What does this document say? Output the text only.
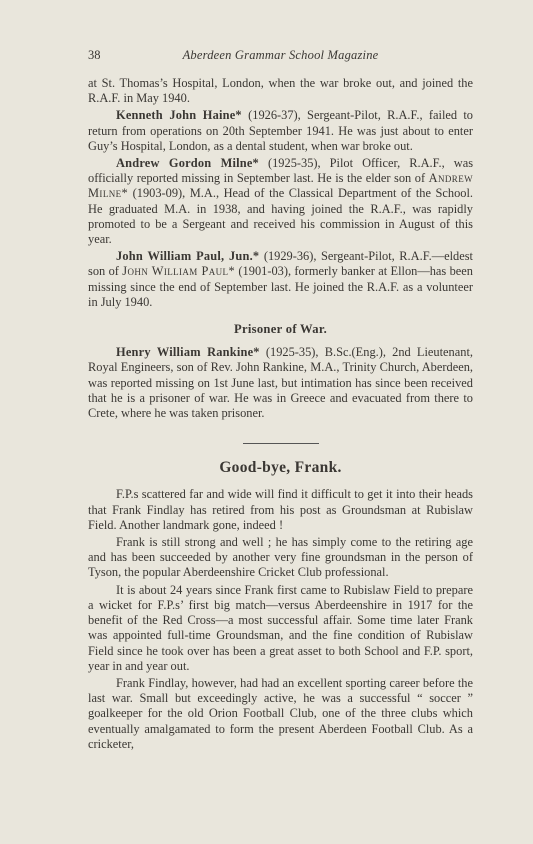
38	Aberdeen Grammar School Magazine

at St. Thomas’s Hospital, London, when the war broke out, and joined the R.A.F. in May 1940.

Kenneth John Haine* (1926-37), Sergeant-Pilot, R.A.F., failed to return from operations on 20th September 1941. He was just about to enter Guy’s Hospital, London, as a dental student, when war broke out.

Andrew Gordon Milne* (1925-35), Pilot Officer, R.A.F., was officially reported missing in September last. He is the elder son of Andrew Milne* (1903-09), M.A., Head of the Classical Department of the School. He graduated M.A. in 1938, and having joined the R.A.F., was rapidly promoted to be a Sergeant and received his commission in August of this year.

John William Paul, Jun.* (1929-36), Sergeant-Pilot, R.A.F.—eldest son of John William Paul* (1901-03), formerly banker at Ellon—has been missing since the end of September last. He joined the R.A.F. as a volunteer in July 1940.

Prisoner of War.

Henry William Rankine* (1925-35), B.Sc.(Eng.), 2nd Lieutenant, Royal Engineers, son of Rev. John Rankine, M.A., Trinity Church, Aberdeen, was reported missing on 1st June last, but intimation has since been received that he is a prisoner of war. He was in Greece and evacuated from there to Crete, where he was taken prisoner.

Good-bye, Frank.

F.P.s scattered far and wide will find it difficult to get it into their heads that Frank Findlay has retired from his post as Groundsman at Rubislaw Field. Another landmark gone, indeed !

Frank is still strong and well ; he has simply come to the retiring age and has been succeeded by another very fine groundsman in the person of Tyson, the popular Aberdeenshire Cricket Club professional.

It is about 24 years since Frank first came to Rubislaw Field to prepare a wicket for F.P.s’ first big match—versus Aberdeenshire in 1917 for the benefit of the Red Cross—a most successful affair. Some time later Frank was appointed full-time Groundsman, and the fine condition of Rubislaw Field since he took over has been a great asset to both School and F.P. sport, year in and year out.

Frank Findlay, however, had had an excellent sporting career before the last war. Small but exceedingly active, he was a successful “ soccer ” goalkeeper for the old Orion Football Club, one of the three clubs which eventually amalgamated to form the present Aberdeen Football Club. As a cricketer,
